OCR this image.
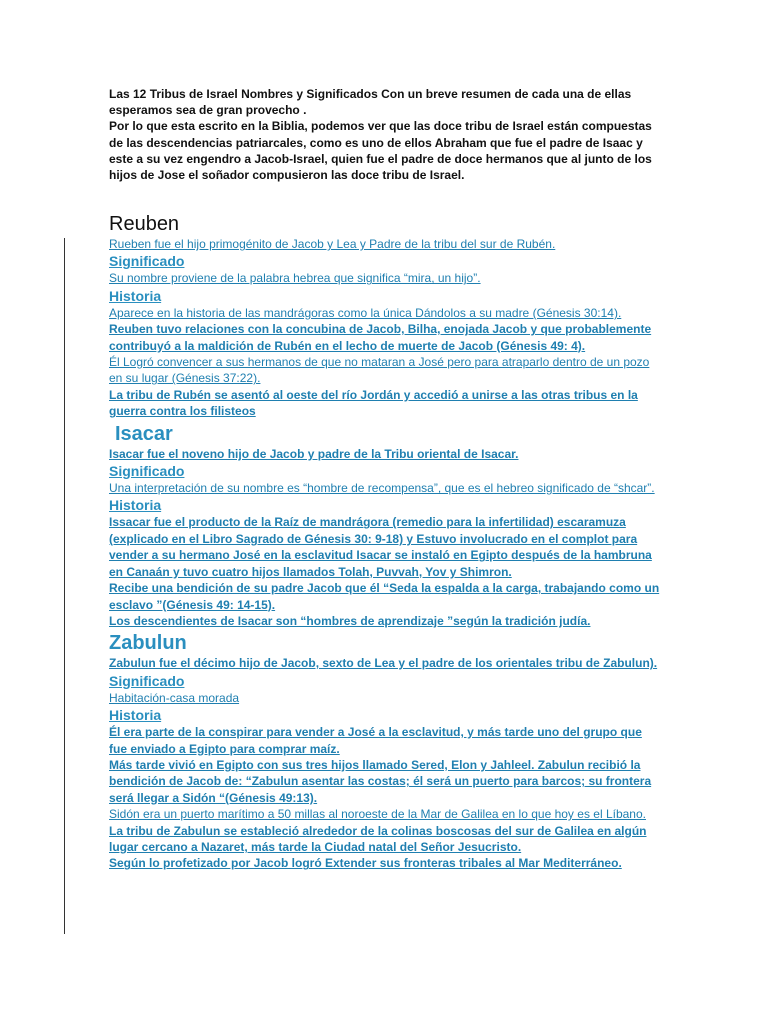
Las 12 Tribus de Israel Nombres y Significados Con un breve resumen de cada una de ellas esperamos sea de gran provecho .

Por lo que esta escrito en la Biblia, podemos ver que las doce tribu de Israel están compuestas de las descendencias patriarcales, como es uno de ellos Abraham que fue el padre de Isaac y este a su vez engendro a Jacob-Israel, quien fue el padre de doce hermanos que al junto de los hijos de Jose el soñador compusieron las doce tribu de Israel.

Reuben

Rueben fue el hijo primogénito de Jacob y Lea y Padre de la tribu del sur de Rubén.

Significado

Su nombre proviene de la palabra hebrea que significa “mira, un hijo”.

Historia

Aparece en la historia de las mandrágoras como la única Dándolos a su madre (Génesis 30:14).

Reuben tuvo relaciones con la concubina de Jacob, Bilha, enojada Jacob y que probablemente contribuyó a la maldición de Rubén en el lecho de muerte de Jacob (Génesis 49: 4).

Él Logró convencer a sus hermanos de que no mataran a José pero para atraparlo dentro de un pozo en su lugar (Génesis 37:22).

La tribu de Rubén se asentó al oeste del río Jordán y accedió a unirse a las otras tribus en la guerra contra los filisteos

Isacar

Isacar fue el noveno hijo de Jacob y padre de la Tribu oriental de Isacar.

Significado

Una interpretación de su nombre es “hombre de recompensa”, que es el hebreo significado de “shcar”.

Historia

Issacar fue el producto de la Raíz de mandrágora (remedio para la infertilidad) escaramuza (explicado en el Libro Sagrado de Génesis 30: 9-18) y Estuvo involucrado en el complot para vender a su hermano José en la esclavitud Isacar se instaló en Egipto después de la hambruna en Canaán y tuvo cuatro hijos llamados Tolah, Puvvah, Yov y Shimron.

Recibe una bendición de su padre Jacob que él “Seda la espalda a la carga, trabajando como un esclavo ”(Génesis 49: 14-15).

Los descendientes de Isacar son “hombres de aprendizaje ”según la tradición judía.

Zabulun

Zabulun fue el décimo hijo de Jacob, sexto de Lea y el padre de los orientales tribu de Zabulun).

Significado

Habitación-casa morada

Historia

Él era parte de la conspirar para vender a José a la esclavitud, y más tarde uno del grupo que fue enviado a Egipto para comprar maíz.

Más tarde vivió en Egipto con sus tres hijos llamado Sered, Elon y Jahleel. Zabulun recibió la bendición de Jacob de: “Zabulun asentar las costas; él será un puerto para barcos; su frontera será llegar a Sidón “(Génesis 49:13).

Sidón era un puerto marítimo a 50 millas al noroeste de la Mar de Galilea en lo que hoy es el Líbano.

La tribu de Zabulun se estableció alrededor de la colinas boscosas del sur de Galilea en algún lugar cercano a Nazaret, más tarde la Ciudad natal del Señor Jesucristo.

Según lo profetizado por Jacob logró Extender sus fronteras tribales al Mar Mediterráneo.
